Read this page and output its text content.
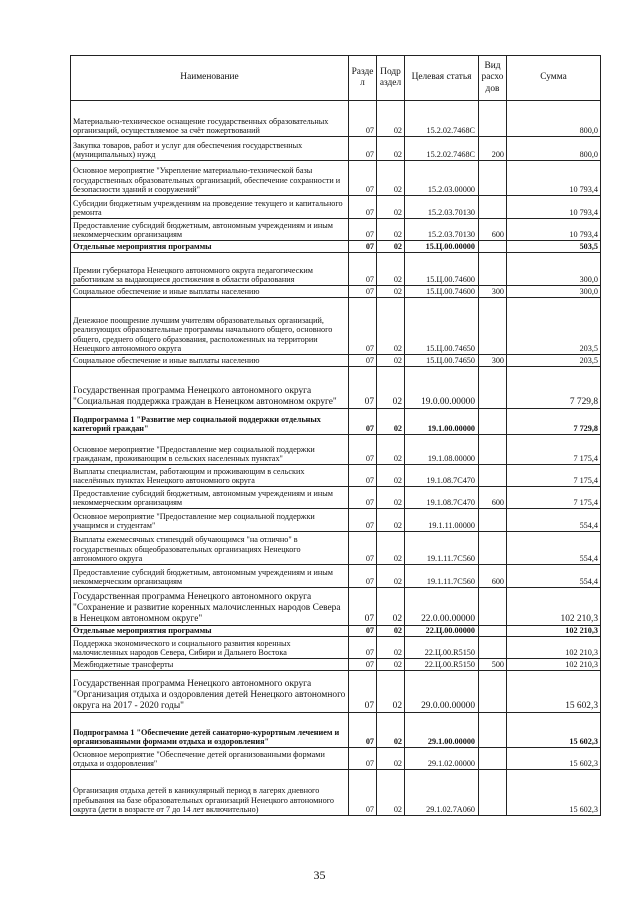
Наименование	Разде л	Подр аздел	Целевая статья	Вид расхо дов	Сумма
Материально-техническое оснащение государственных образовательных организаций, осуществляемое за счёт пожертвований	07	02	15.2.02.7468С		800,0
Закупка товаров, работ и услуг для обеспечения государственных (муниципальных) нужд	07	02	15.2.02.7468С	200	800,0
Основное мероприятие "Укрепление материально-технической базы государственных образовательных организаций, обеспечение сохранности и безопасности зданий и сооружений"	07	02	15.2.03.00000		10 793,4
Субсидии бюджетным учреждениям на проведение текущего и капитального ремонта	07	02	15.2.03.70130		10 793,4
Предоставление субсидий бюджетным, автономным учреждениям и иным некоммерческим организациям	07	02	15.2.03.70130	600	10 793,4
Отдельные мероприятия программы	07	02	15.Ц.00.00000		503,5
Премии губернатора Ненецкого автономного округа педагогическим работникам за выдающиеся достижения в области образования	07	02	15.Ц.00.74600		300,0
Социальное обеспечение и иные выплаты населению	07	02	15.Ц.00.74600	300	300,0
Денежное поощрение лучшим учителям образовательных организаций, реализующих образовательные программы начального общего, основного общего, среднего общего образования, расположенных на территории Ненецкого автономного округа	07	02	15.Ц.00.74650		203,5
Социальное обеспечение и иные выплаты населению	07	02	15.Ц.00.74650	300	203,5
Государственная программа Ненецкого автономного округа "Социальная поддержка граждан в Ненецком автономном округе"	07	02	19.0.00.00000		7 729,8
Подпрограмма 1 "Развитие мер социальной поддержки отдельных категорий граждан"	07	02	19.1.00.00000		7 729,8
Основное мероприятие "Предоставление мер социальной поддержки гражданам, проживающим в сельских населенных пунктах"	07	02	19.1.08.00000		7 175,4
Выплаты специалистам, работающим и проживающим в сельских населённых пунктах Ненецкого автономного округа	07	02	19.1.08.7С470		7 175,4
Предоставление субсидий бюджетным, автономным учреждениям и иным некоммерческим организациям	07	02	19.1.08.7С470	600	7 175,4
Основное мероприятие "Предоставление мер социальной поддержки учащимся и студентам"	07	02	19.1.11.00000		554,4
Выплаты ежемесячных стипендий обучающимся "на отлично" в государственных общеобразовательных организациях Ненецкого автономного округа	07	02	19.1.11.7С560		554,4
Предоставление субсидий бюджетным, автономным учреждениям и иным некоммерческим организациям	07	02	19.1.11.7С560	600	554,4
Государственная программа Ненецкого автономного округа "Сохранение и развитие коренных малочисленных народов Севера в Ненецком автономном округе"	07	02	22.0.00.00000		102 210,3
Отдельные мероприятия программы	07	02	22.Ц.00.00000		102 210,3
Поддержка экономического и социального развития коренных малочисленных народов Севера, Сибири и Дальнего Востока	07	02	22.Ц.00.R5150		102 210,3
Межбюджетные трансферты	07	02	22.Ц.00.R5150	500	102 210,3
Государственная программа Ненецкого автономного округа "Организация отдыха и оздоровления детей Ненецкого автономного округа на 2017 - 2020 годы"	07	02	29.0.00.00000		15 602,3
Подпрограмма 1 "Обеспечение детей санаторно-курортным лечением и организованными формами отдыха и оздоровления"	07	02	29.1.00.00000		15 602,3
Основное мероприятие "Обеспечение детей организованными формами отдыха и оздоровления"	07	02	29.1.02.00000		15 602,3
Организация отдыха детей в каникулярный период в лагерях дневного пребывания на базе образовательных организаций Ненецкого автономного округа (дети в возрасте от 7 до 14 лет включительно)	07	02	29.1.02.7А060		15 602,3
35
